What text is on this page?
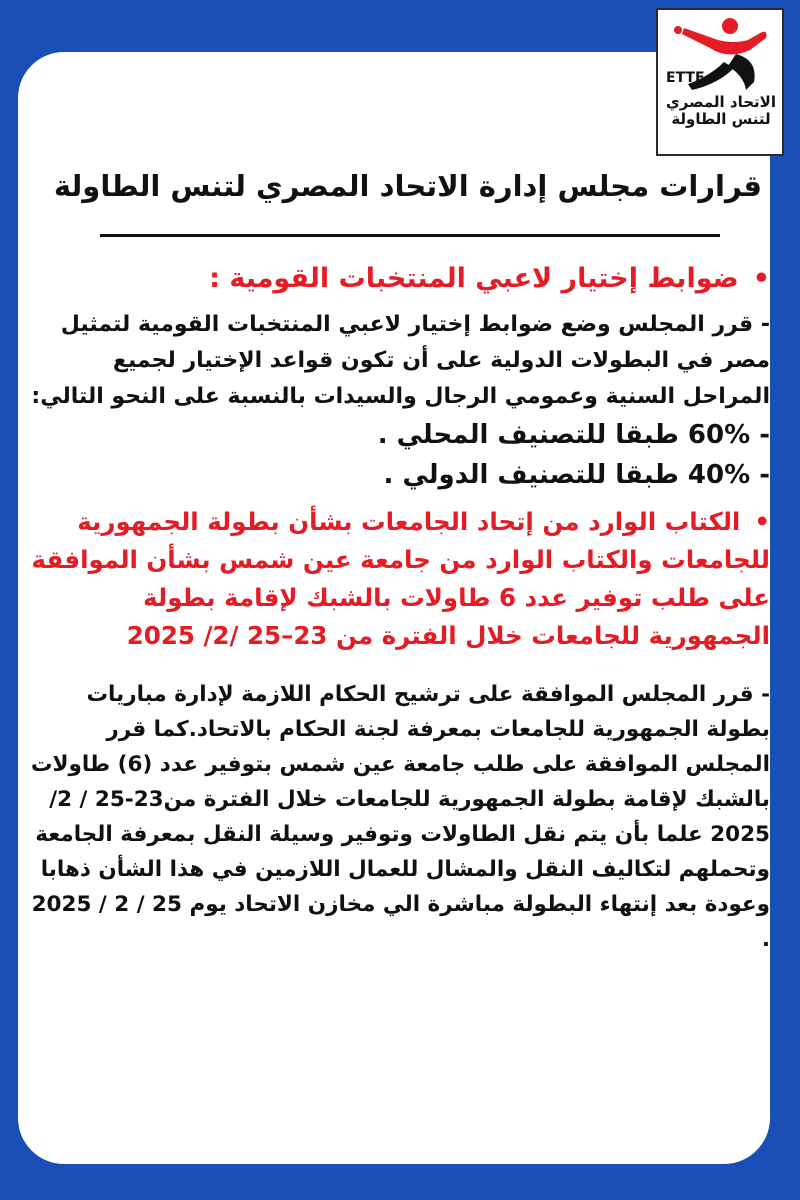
ETTF
الاتحاد المصري
لتنس الطاولة
قرارات مجلس إدارة الاتحاد المصري لتنس الطاولة
•ضوابط إختيار لاعبي المنتخبات القومية :

- قرر المجلس وضع ضوابط إختيار لاعبي المنتخبات القومية لتمثيل مصر في البطولات الدولية على أن تكون قواعد الإختيار لجميع المراحل السنية وعمومي الرجال والسيدات بالنسبة على النحو التالي:

- 60% طبقا للتصنيف المحلي .

- 40% طبقا للتصنيف الدولي .

•الكتاب الوارد من إتحاد الجامعات بشأن بطولة الجمهورية للجامعات والكتاب الوارد من جامعة عين شمس بشأن الموافقة على طلب توفير عدد 6 طاولات بالشبك لإقامة بطولة الجمهورية للجامعات خلال الفترة من 23–25 /2/ 2025

- قرر المجلس الموافقة على ترشيح الحكام اللازمة لإدارة مباريات بطولة الجمهورية للجامعات بمعرفة لجنة الحكام بالاتحاد.كما قرر المجلس الموافقة على طلب جامعة عين شمس بتوفير عدد (6) طاولات بالشبك لإقامة بطولة الجمهورية للجامعات خلال الفترة من23-25 / 2/ 2025 علما بأن يتم نقل الطاولات وتوفير وسيلة النقل بمعرفة الجامعة وتحملهم لتكاليف النقل والمشال للعمال اللازمين في هذا الشأن ذهابا وعودة بعد إنتهاء البطولة مباشرة الي مخازن الاتحاد يوم 25 / 2 / 2025 .
